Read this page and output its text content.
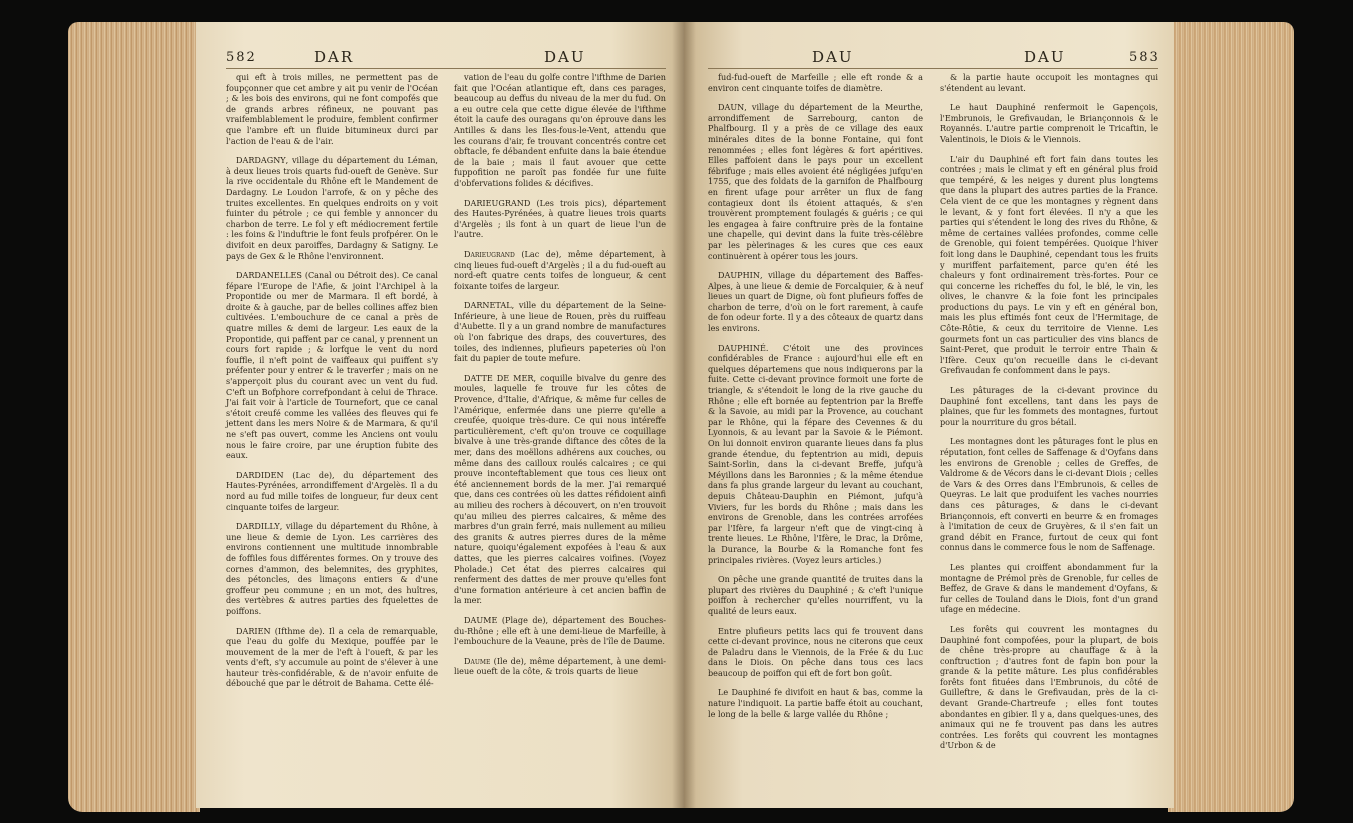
582	DAR	DAU

qui eft à trois milles, ne permettent pas de foupçonner que cet ambre y ait pu venir de l'Océan ; & les bois des environs, qui ne font compofés que de grands arbres réfineux, ne pouvant pas vraifemblablement le produire, femblent confirmer que l'ambre eft un fluide bitumineux durci par l'action de l'eau & de l'air.

DARDAGNY, village du département du Léman, à deux lieues trois quarts fud-oueft de Genève. Sur la rive occidentale du Rhône eft le Mandement de Dardagny. Le Loudon l'arrofe, & on y pêche des truites excellentes. En quelques endroits on y voit fuinter du pétrole ; ce qui femble y annoncer du charbon de terre. Le fol y eft médiocrement fertile : les foins & l'induftrie le font feuls profpérer. On le divifoit en deux paroiffes, Dardagny & Satigny. Le pays de Gex & le Rhône l'environnent.

DARDANELLES (Canal ou Détroit des). Ce canal fépare l'Europe de l'Afie, & joint l'Archipel à la Propontide ou mer de Marmara. Il eft bordé, à droite & à gauche, par de belles collines affez bien cultivées. L'embouchure de ce canal a près de quatre milles & demi de largeur. Les eaux de la Propontide, qui paffent par ce canal, y prennent un cours fort rapide ; & lorfque le vent du nord fouffle, il n'eft point de vaiffeaux qui puiffent s'y préfenter pour y entrer & le traverfer ; mais on ne s'apperçoit plus du courant avec un vent du fud. C'eft un Bofphore correfpondant à celui de Thrace. J'ai fait voir à l'article de Tournefort, que ce canal s'étoit creufé comme les vallées des fleuves qui fe jettent dans les mers Noire & de Marmara, & qu'il ne s'eft pas ouvert, comme les Anciens ont voulu nous le faire croire, par une éruption fubite des eaux.

DARDIDEN (Lac de), du département des Hautes-Pyrénées, arrondiffement d'Argelès. Il a du nord au fud mille toifes de longueur, fur deux cent cinquante toifes de largeur.

DARDILLY, village du département du Rhône, à une lieue & demie de Lyon. Les carrières des environs contiennent une multitude innombrable de foffiles fous différentes formes. On y trouve des cornes d'ammon, des belemnites, des gryphites, des pétoncles, des limaçons entiers & d'une groffeur peu commune ; en un mot, des huîtres, des vertèbres & autres parties des fquelettes de poiffons.

DARIEN (Ifthme de). Il a cela de remarquable, que l'eau du golfe du Mexique, pouffée par le mouvement de la mer de l'eft à l'oueft, & par les vents d'eft, s'y accumule au point de s'élever à une hauteur très-confidérable, & de n'avoir enfuite de débouché que par le détroit de Bahama. Cette élé-

vation de l'eau du golfe contre l'ifthme de Darien fait que l'Océan atlantique eft, dans ces parages, beaucoup au deffus du niveau de la mer du fud. On a eu outre cela que cette digue élevée de l'ifthme étoit la caufe des ouragans qu'on éprouve dans les Antilles & dans les Iles-fous-le-Vent, attendu que les courans d'air, fe trouvant concentrés contre cet obftacle, fe débandent enfuite dans la baie étendue de la baie ; mais il faut avouer que cette fuppofition ne paroît pas fondée fur une fuite d'obfervations folides & décifives.

DARIEUGRAND (Les trois pics), département des Hautes-Pyrénées, à quatre lieues trois quarts d'Argelès ; ils font à un quart de lieue l'un de l'autre.

Darieugrand (Lac de), même département, à cinq lieues fud-oueft d'Argelès ; il a du fud-oueft au nord-eft quatre cents toifes de longueur, & cent foixante toifes de largeur.

DARNETAL, ville du département de la Seine-Inférieure, à une lieue de Rouen, près du ruiffeau d'Aubette. Il y a un grand nombre de manufactures où l'on fabrique des draps, des couvertures, des toiles, des indiennes, plufieurs papeteries où l'on fait du papier de toute mefure.

DATTE DE MER, coquille bivalve du genre des moules, laquelle fe trouve fur les côtes de Provence, d'Italie, d'Afrique, & même fur celles de l'Amérique, enfermée dans une pierre qu'elle a creufée, quoique très-dure. Ce qui nous intéreffe particulièrement, c'eft qu'on trouve ce coquillage bivalve à une très-grande diftance des côtes de la mer, dans des moëllons adhérens aux couches, ou même dans des cailloux roulés calcaires ; ce qui prouve inconteftablement que tous ces lieux ont été anciennement bords de la mer. J'ai remarqué que, dans ces contrées où les dattes réfidoient ainfi au milieu des rochers à découvert, on n'en trouvoit qu'au milieu des pierres calcaires, & même des marbres d'un grain ferré, mais nullement au milieu des granits & autres pierres dures de la même nature, quoiqu'également expofées à l'eau & aux dattes, que les pierres calcaires voifines. (Voyez Pholade.) Cet état des pierres calcaires qui renferment des dattes de mer prouve qu'elles font d'une formation antérieure à cet ancien baffin de la mer.

DAUME (Plage de), département des Bouches-du-Rhône ; elle eft à une demi-lieue de Marfeille, à l'embouchure de la Veaune, près de l'île de Daume.

Daume (Ile de), même département, à une demi-lieue oueft de la côte, & trois quarts de lieue

DAU	DAU	583

fud-fud-oueft de Marfeille ; elle eft ronde & a environ cent cinquante toifes de diamètre.

DAUN, village du département de la Meurthe, arrondiffement de Sarrebourg, canton de Phalfbourg. Il y a près de ce village des eaux minérales dites de la bonne Fontaine, qui font renommées ; elles font légères & fort apéritives. Elles paffoient dans le pays pour un excellent fébrifuge ; mais elles avoient été négligées jufqu'en 1755, que des foldats de la garnifon de Phalfbourg en firent ufage pour arrêter un flux de fang contagieux dont ils étoient attaqués, & s'en trouvèrent promptement foulagés & guéris ; ce qui les engagea à faire conftruire près de la fontaine une chapelle, qui devint dans la fuite très-célèbre par les pèlerinages & les cures que ces eaux continuèrent à opérer tous les jours.

DAUPHIN, village du département des Baffes-Alpes, à une lieue & demie de Forcalquier, & à neuf lieues un quart de Digne, où font plufieurs foffes de charbon de terre, d'où on le fort rarement, à caufe de fon odeur forte. Il y a des côteaux de quartz dans les environs.

DAUPHINÉ. C'étoit une des provinces confidérables de France : aujourd'hui elle eft en quelques départemens que nous indiquerons par la fuite. Cette ci-devant province formoit une forte de triangle, & s'étendoit le long de la rive gauche du Rhône ; elle eft bornée au feptentrion par la Breffe & la Savoie, au midi par la Provence, au couchant par le Rhône, qui la fépare des Cevennes & du Lyonnois, & au levant par la Savoie & le Piémont. On lui donnoit environ quarante lieues dans fa plus grande étendue, du feptentrion au midi, depuis Saint-Sorlin, dans la ci-devant Breffe, jufqu'à Méyillons dans les Baronnies ; & la même étendue dans fa plus grande largeur du levant au couchant, depuis Château-Dauphin en Piémont, jufqu'à Viviers, fur les bords du Rhône ; mais dans les environs de Grenoble, dans les contrées arrofées par l'Ifère, fa largeur n'eft que de vingt-cinq à trente lieues. Le Rhône, l'Ifère, le Drac, la Drôme, la Durance, la Bourbe & la Romanche font fes principales rivières. (Voyez leurs articles.)

On pêche une grande quantité de truites dans la plupart des rivières du Dauphiné ; & c'eft l'unique poiffon à rechercher qu'elles nourriffent, vu la qualité de leurs eaux.

Entre plufieurs petits lacs qui fe trouvent dans cette ci-devant province, nous ne citerons que ceux de Paladru dans le Viennois, de la Frée & du Luc dans le Diois. On pêche dans tous ces lacs beaucoup de poiffon qui eft de fort bon goût.

Le Dauphiné fe divifoit en haut & bas, comme la nature l'indiquoit. La partie baffe étoit au couchant, le long de la belle & large vallée du Rhône ;

& la partie haute occupoit les montagnes qui s'étendent au levant.

Le haut Dauphiné renfermoit le Gapençois, l'Embrunois, le Grefivaudan, le Briançonnois & le Royannés. L'autre partie comprenoit le Tricaftin, le Valentinois, le Diois & le Viennois.

L'air du Dauphiné eft fort fain dans toutes les contrées ; mais le climat y eft en général plus froid que tempéré, & les neiges y durent plus longtems que dans la plupart des autres parties de la France. Cela vient de ce que les montagnes y règnent dans le levant, & y font fort élevées. Il n'y a que les parties qui s'étendent le long des rives du Rhône, & même de certaines vallées profondes, comme celle de Grenoble, qui foient tempérées. Quoique l'hiver foit long dans le Dauphiné, cependant tous les fruits y muriffent parfaitement, parce qu'en été les chaleurs y font ordinairement très-fortes. Pour ce qui concerne les richeffes du fol, le blé, le vin, les olives, le chanvre & la foie font les principales productions du pays. Le vin y eft en général bon, mais les plus eftimés font ceux de l'Hermitage, de Côte-Rôtie, & ceux du territoire de Vienne. Les gourmets font un cas particulier des vins blancs de Saint-Peret, que produit le terroir entre Thain & l'Ifère. Ceux qu'on recueille dans le ci-devant Grefivaudan fe confomment dans le pays.

Les pâturages de la ci-devant province du Dauphiné font excellens, tant dans les pays de plaines, que fur les fommets des montagnes, furtout pour la nourriture du gros bétail.

Les montagnes dont les pâturages font le plus en réputation, font celles de Saffenage & d'Oyfans dans les environs de Grenoble ; celles de Greffes, de Valdrome & de Vécors dans le ci-devant Diois ; celles de Vars & des Orres dans l'Embrunois, & celles de Queyras. Le lait que produifent les vaches nourries dans ces pâturages, & dans le ci-devant Briançonnois, eft converti en beurre & en fromages à l'imitation de ceux de Gruyères, & il s'en fait un grand débit en France, furtout de ceux qui font connus dans le commerce fous le nom de Saffenage.

Les plantes qui croiffent abondamment fur la montagne de Prémol près de Grenoble, fur celles de Beffez, de Grave & dans le mandement d'Oyfans, & fur celles de Touland dans le Diois, font d'un grand ufage en médecine.

Les forêts qui couvrent les montagnes du Dauphiné font compofées, pour la plupart, de bois de chêne très-propre au chauffage & à la conftruction ; d'autres font de fapin bon pour la grande & la petite mâture. Les plus confidérables forêts font fituées dans l'Embrunois, du côté de Guilleftre, & dans le Grefivaudan, près de la ci-devant Grande-Chartreufe ; elles font toutes abondantes en gibier. Il y a, dans quelques-unes, des animaux qui ne fe trouvent pas dans les autres contrées. Les forêts qui couvrent les montagnes d'Urbon & de
